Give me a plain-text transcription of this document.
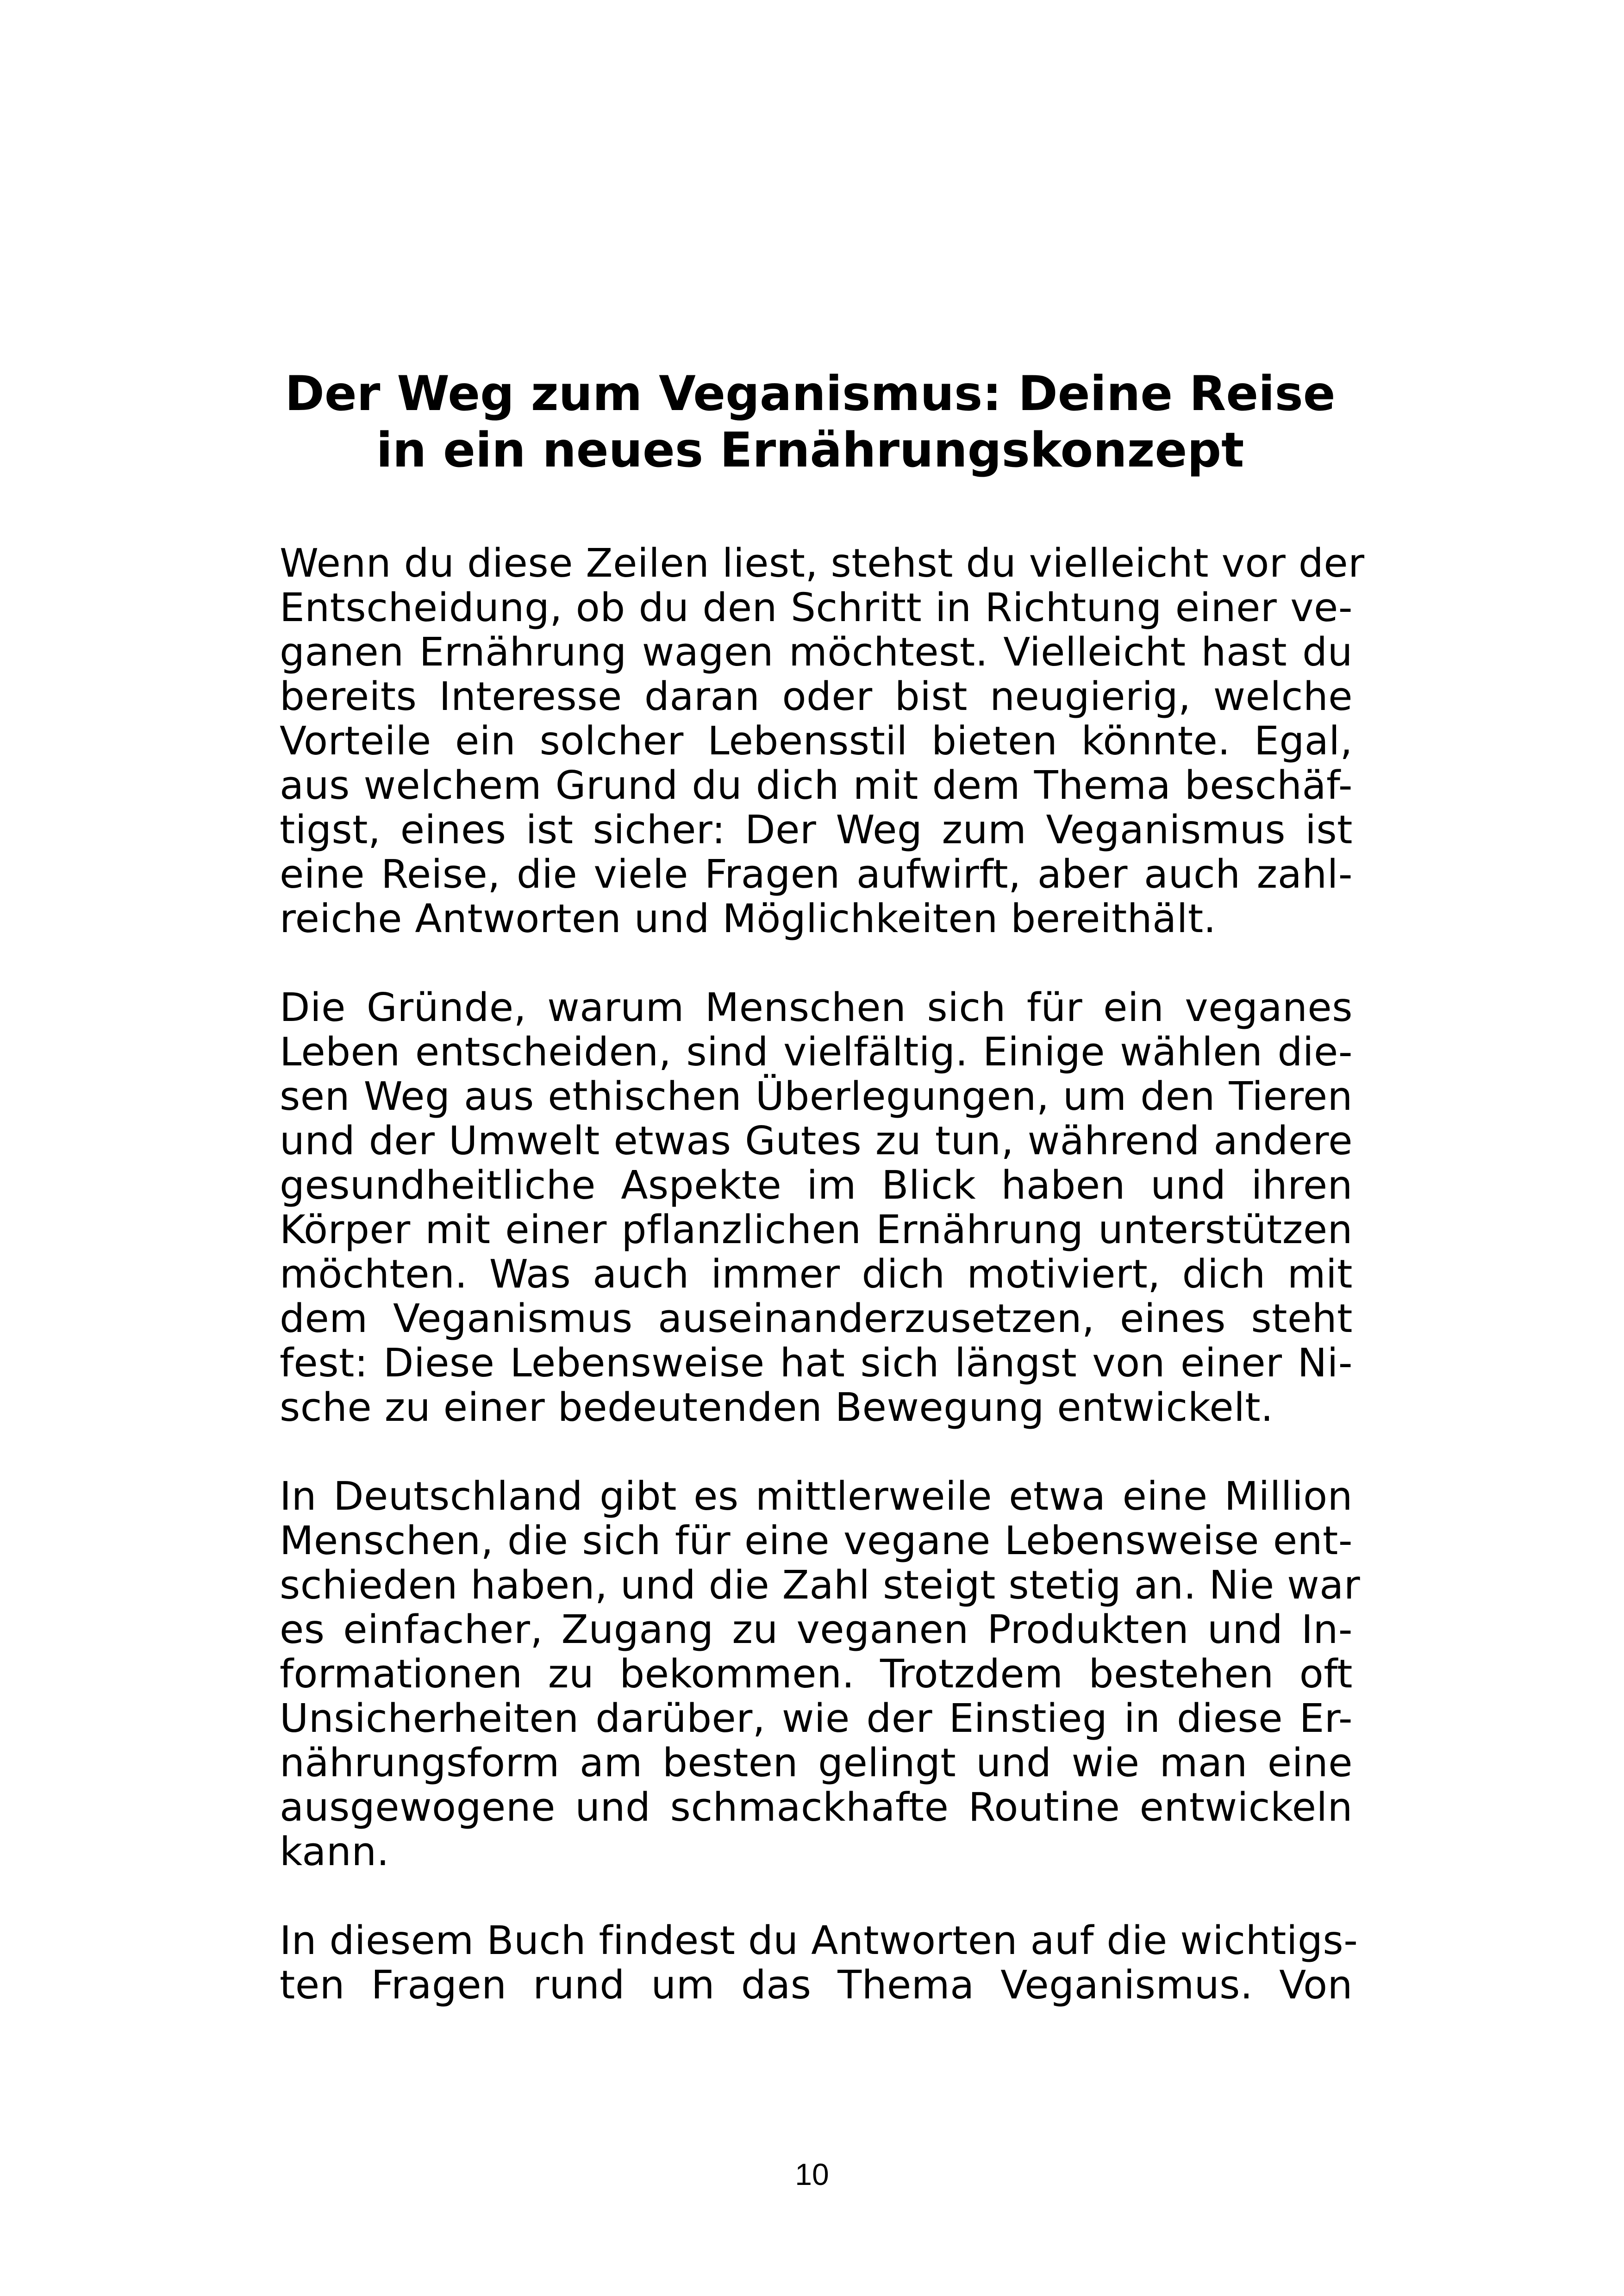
Der Weg zum Veganismus: Deine Reise
in ein neues Ernährungskonzept
Wenn du diese Zeilen liest, stehst du vielleicht vor der
Entscheidung, ob du den Schritt in Richtung einer ve-
ganen Ernährung wagen möchtest. Vielleicht hast du
bereits Interesse daran oder bist neugierig, welche
Vorteile ein solcher Lebensstil bieten könnte. Egal,
aus welchem Grund du dich mit dem Thema beschäf-
tigst, eines ist sicher: Der Weg zum Veganismus ist
eine Reise, die viele Fragen aufwirft, aber auch zahl-
reiche Antworten und Möglichkeiten bereithält.
Die Gründe, warum Menschen sich für ein veganes
Leben entscheiden, sind vielfältig. Einige wählen die-
sen Weg aus ethischen Überlegungen, um den Tieren
und der Umwelt etwas Gutes zu tun, während andere
gesundheitliche Aspekte im Blick haben und ihren
Körper mit einer pflanzlichen Ernährung unterstützen
möchten. Was auch immer dich motiviert, dich mit
dem Veganismus auseinanderzusetzen, eines steht
fest: Diese Lebensweise hat sich längst von einer Ni-
sche zu einer bedeutenden Bewegung entwickelt.
In Deutschland gibt es mittlerweile etwa eine Million
Menschen, die sich für eine vegane Lebensweise ent-
schieden haben, und die Zahl steigt stetig an. Nie war
es einfacher, Zugang zu veganen Produkten und In-
formationen zu bekommen. Trotzdem bestehen oft
Unsicherheiten darüber, wie der Einstieg in diese Er-
nährungsform am besten gelingt und wie man eine
ausgewogene und schmackhafte Routine entwickeln
kann.
In diesem Buch findest du Antworten auf die wichtigs-
ten Fragen rund um das Thema Veganismus. Von
10
